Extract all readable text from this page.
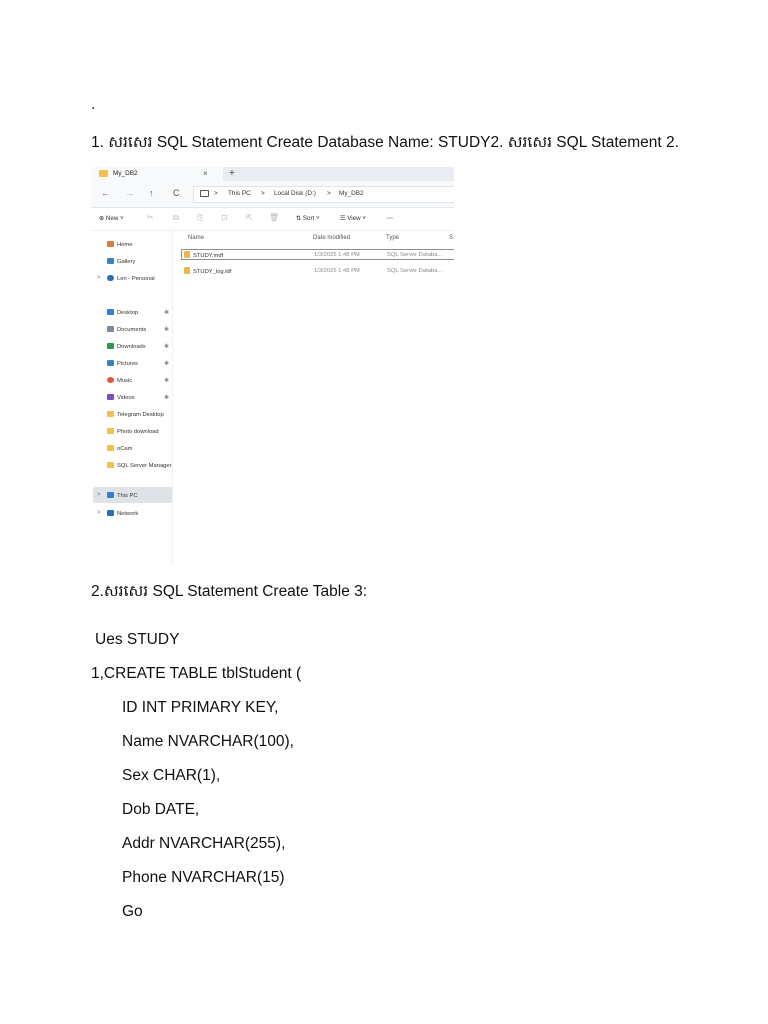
.
1. សរសេរ SQL Statement Create Database Name: STUDY2. សរសេរ SQL Statement 2.
My_DB2	× +
← → ↑ C	> This PC > Local Disk (D:) > My_DB2
⊕ New ˅	✂ ⧉ ⎘ ⊡ ⇱ 🗑	⇅ Sort ˅	☰ View ˅	···
Home
Gallery
>	Len - Personal
Desktop	✱
Documents	✱
Downloads	✱
Pictures	✱
Music	✱
Videos	✱
Telegram Desktop
Photo download
oCam
SQL Server Manager
>	This PC
>	Network
Name	Date modified	Type	S
STUDY.mdf	1/3/2025 1:48 PM	SQL Server Databa...
STUDY_log.ldf	1/3/2025 1:48 PM	SQL Server Databa...
2.សរសេរ SQL Statement Create Table 3:
Ues STUDY
1,CREATE TABLE tblStudent (
ID INT PRIMARY KEY,
Name NVARCHAR(100),
Sex CHAR(1),
Dob DATE,
Addr NVARCHAR(255),
Phone NVARCHAR(15)
Go
